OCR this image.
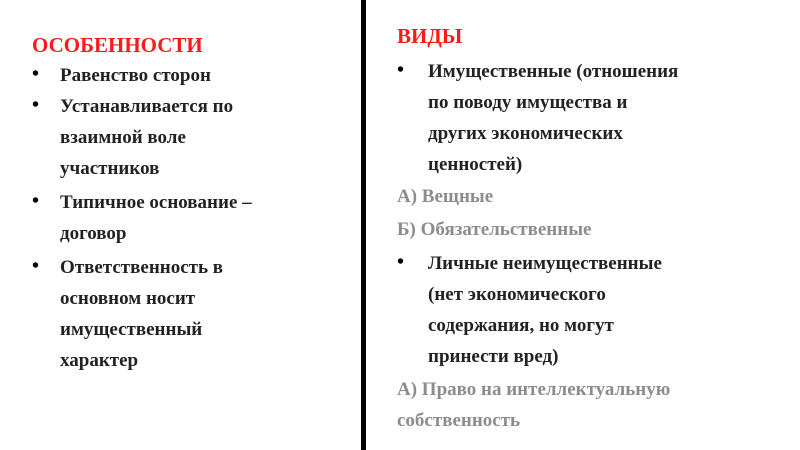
ОСОБЕННОСТИ
• Равенство сторон
• Устанавливается по
взаимной воле
участников
• Типичное основание –
договор
• Ответственность в
основном носит
имущественный
характер
ВИДЫ
• Имущественные (отношения
по поводу имущества и
других экономических
ценностей)
А) Вещные
Б) Обязательственные
• Личные неимущественные
(нет экономического
содержания, но могут
принести вред)
А) Право на интеллектуальную
собственность
